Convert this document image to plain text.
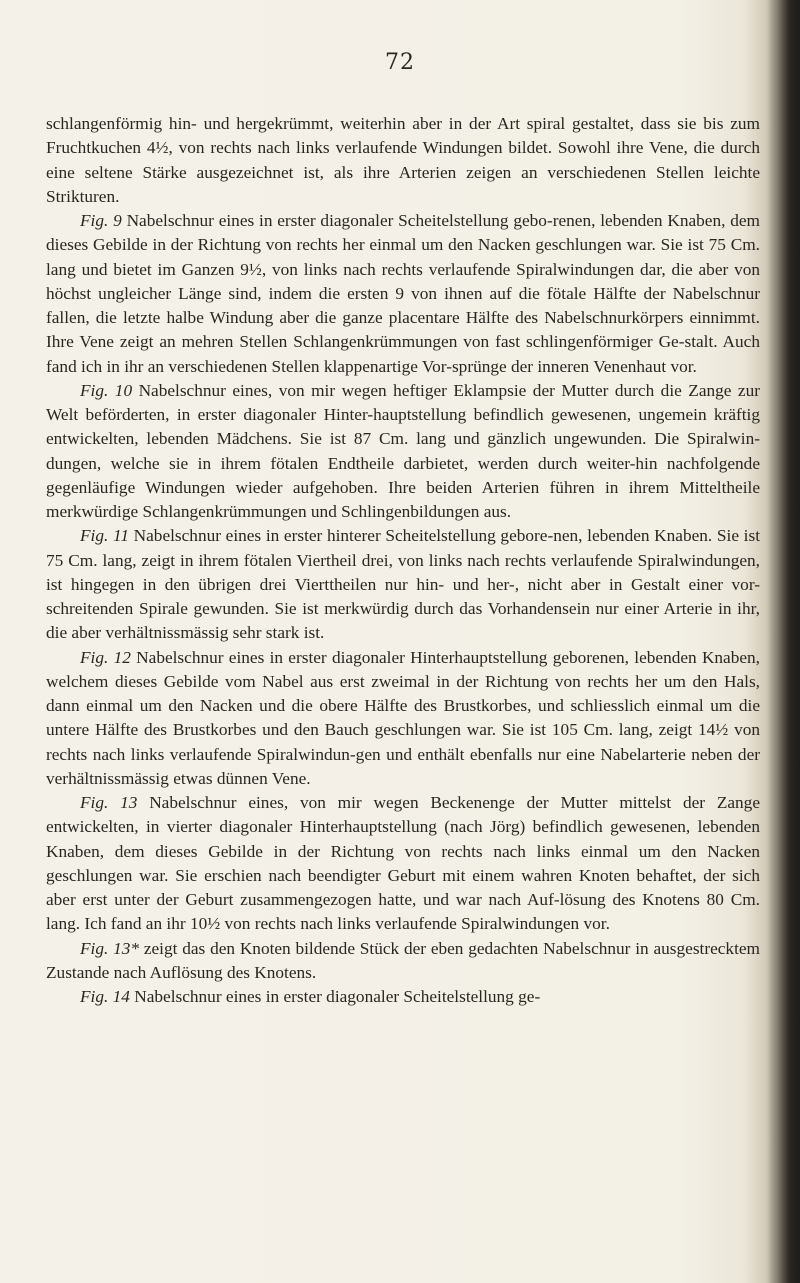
72

schlangenförmig hin- und hergekrümmt, weiterhin aber in der Art spiral gestaltet, dass sie bis zum Fruchtkuchen 4½, von rechts nach links verlaufende Windungen bildet. Sowohl ihre Vene, die durch eine seltene Stärke ausgezeichnet ist, als ihre Arterien zeigen an verschiedenen Stellen leichte Strikturen.

Fig. 9 Nabelschnur eines in erster diagonaler Scheitelstellung gebo-renen, lebenden Knaben, dem dieses Gebilde in der Richtung von rechts her einmal um den Nacken geschlungen war. Sie ist 75 Cm. lang und bietet im Ganzen 9½, von links nach rechts verlaufende Spiralwindungen dar, die aber von höchst ungleicher Länge sind, indem die ersten 9 von ihnen auf die fötale Hälfte der Nabelschnur fallen, die letzte halbe Windung aber die ganze placentare Hälfte des Nabelschnurkörpers einnimmt. Ihre Vene zeigt an mehren Stellen Schlangenkrümmungen von fast schlingenförmiger Ge-stalt. Auch fand ich in ihr an verschiedenen Stellen klappenartige Vor-sprünge der inneren Venenhaut vor.

Fig. 10 Nabelschnur eines, von mir wegen heftiger Eklampsie der Mutter durch die Zange zur Welt beförderten, in erster diagonaler Hinter-hauptstellung befindlich gewesenen, ungemein kräftig entwickelten, lebenden Mädchens. Sie ist 87 Cm. lang und gänzlich ungewunden. Die Spiralwin-dungen, welche sie in ihrem fötalen Endtheile darbietet, werden durch weiter-hin nachfolgende gegenläufige Windungen wieder aufgehoben. Ihre beiden Arterien führen in ihrem Mitteltheile merkwürdige Schlangenkrümmungen und Schlingenbildungen aus.

Fig. 11 Nabelschnur eines in erster hinterer Scheitelstellung gebore-nen, lebenden Knaben. Sie ist 75 Cm. lang, zeigt in ihrem fötalen Viertheil drei, von links nach rechts verlaufende Spiralwindungen, ist hingegen in den übrigen drei Vierttheilen nur hin- und her-, nicht aber in Gestalt einer vor-schreitenden Spirale gewunden. Sie ist merkwürdig durch das Vorhandensein nur einer Arterie in ihr, die aber verhältnissmässig sehr stark ist.

Fig. 12 Nabelschnur eines in erster diagonaler Hinterhauptstellung geborenen, lebenden Knaben, welchem dieses Gebilde vom Nabel aus erst zweimal in der Richtung von rechts her um den Hals, dann einmal um den Nacken und die obere Hälfte des Brustkorbes, und schliesslich einmal um die untere Hälfte des Brustkorbes und den Bauch geschlungen war. Sie ist 105 Cm. lang, zeigt 14½ von rechts nach links verlaufende Spiralwindun-gen und enthält ebenfalls nur eine Nabelarterie neben der verhältnissmässig etwas dünnen Vene.

Fig. 13 Nabelschnur eines, von mir wegen Beckenenge der Mutter mittelst der Zange entwickelten, in vierter diagonaler Hinterhauptstellung (nach Jörg) befindlich gewesenen, lebenden Knaben, dem dieses Gebilde in der Richtung von rechts nach links einmal um den Nacken geschlungen war. Sie erschien nach beendigter Geburt mit einem wahren Knoten behaftet, der sich aber erst unter der Geburt zusammengezogen hatte, und war nach Auf-lösung des Knotens 80 Cm. lang. Ich fand an ihr 10½ von rechts nach links verlaufende Spiralwindungen vor.

Fig. 13* zeigt das den Knoten bildende Stück der eben gedachten Nabelschnur in ausgestrecktem Zustande nach Auflösung des Knotens.

Fig. 14 Nabelschnur eines in erster diagonaler Scheitelstellung ge-
